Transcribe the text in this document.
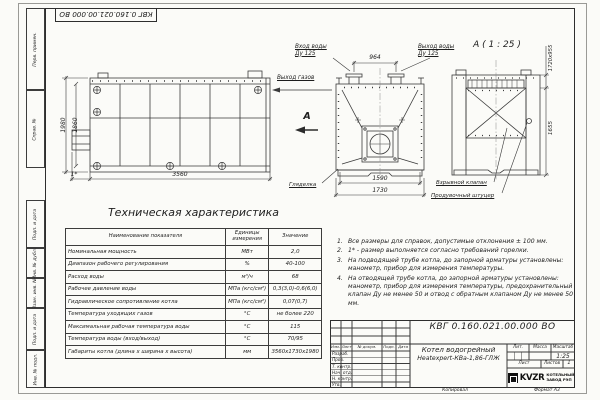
КВГ 0.160.021.00.000 ВО
Перв. примен.
Справ. №
Подп. и дата
Инв. № дубл.
Взам. инв. №
Подп. и дата
Инв. № подл.
1980 1860
1*	3560
Вход воды
Ду 125
Выход воды
Ду 125
964
Выход газов
А
Гляделка
1590
1730
Взрывной клапан
Продувочный штуцер
А ( 1 : 25 )	1720х955
1655
Техническая характеристика
Наименование показателя	Единицы измерения	Значение
Номинальная мощность	МВт	2,0
Диапазон рабочего регулирования	%	40-100
Расход воды	м³/ч	68
Рабочее давление воды	МПа (кгс/см²)	0,3(3,0)-0,6(6,0)
Гидравлическое сопротивление котла	МПа (кгс/см²)	0,07(0,7)
Температура уходящих газов	°С	не более 220
Максимальная рабочая температура воды	°С	115
Температура воды (вход/выход)	°С	70/95
Габариты котла (длина х ширина х высота)	мм	3560х1730х1980
1. Все размеры для справок, допустимые отклонения ± 100 мм.
2. 1* - размер выполняется согласно требований горелки.
3. На подводящей трубе котла, до запорной арматуры установлены: манометр, прибор для измерения температуры.
4. На отводящей трубе котла, до запорной арматуры установлены: манометр, прибор для измерения температуры, предохранительный клапан Ду не менее 50 и отвод с обратным клапаном Ду не менее 50 мм.
КВГ 0.160.021.00.000 ВО
Котел водогрейный
Heatexpert-КВа-1,86-ГЛЖ
Изм. Лист	№ докум.	Подп. Дата
Разраб.
Пров.
Т. контр.
Нач. отд.
Н. контр.
Утв.
Лит.	Масса	Масштаб
1:25
Лист	Листов	1
KVZR КОТЕЛЬНЫЙ
ЗАВОД РЭП
Копировал	Формат А3
